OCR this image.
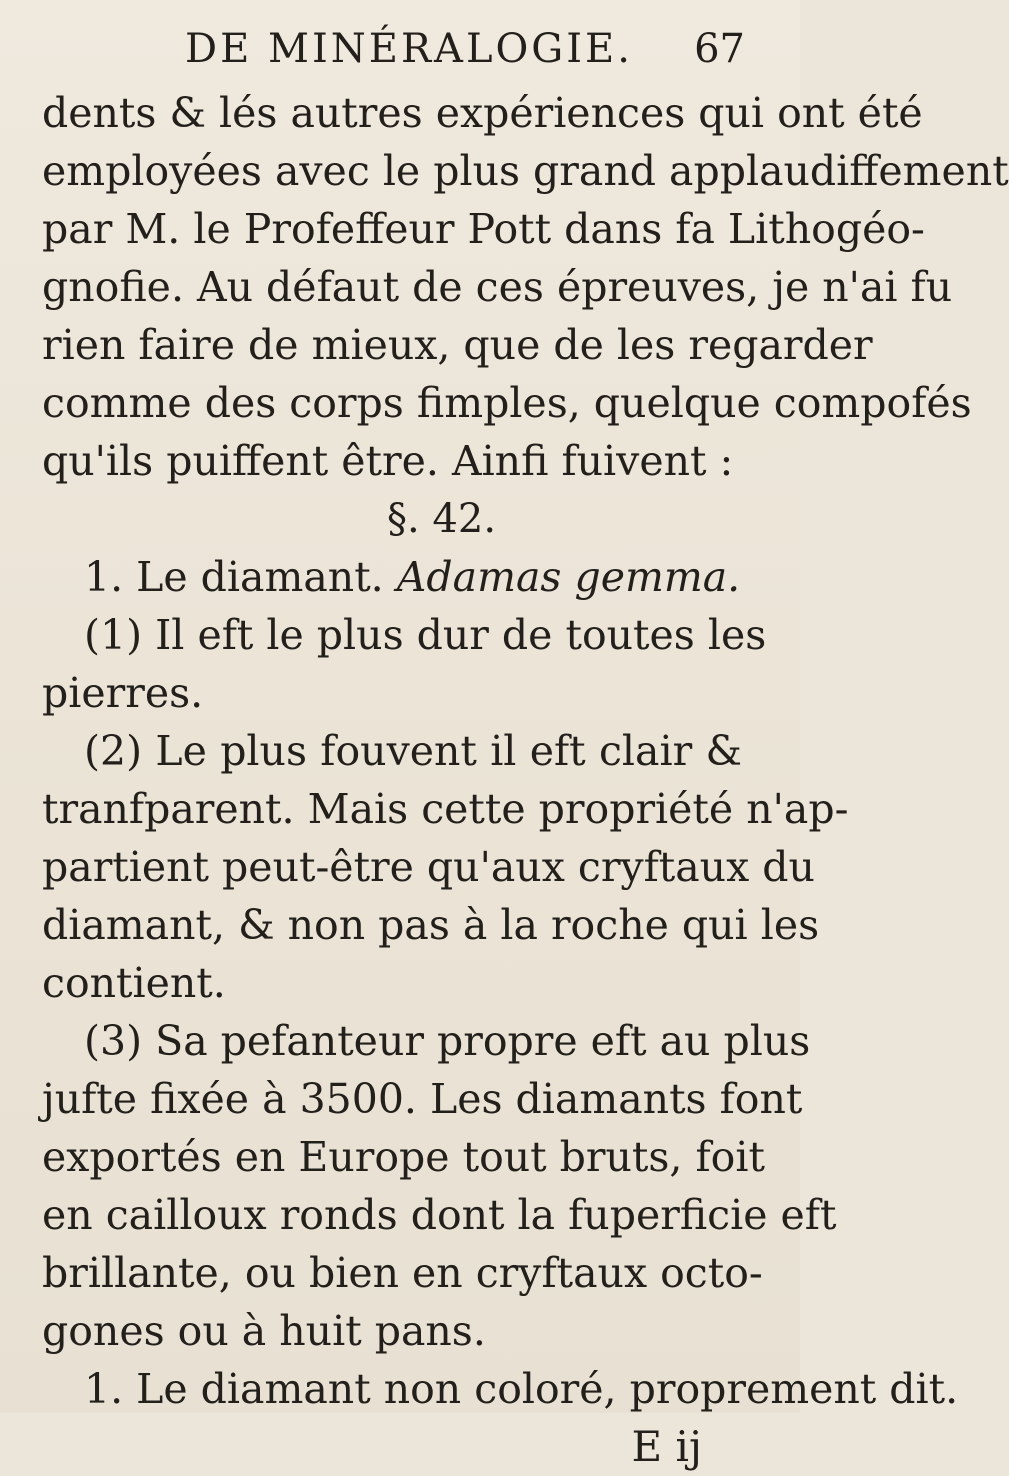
DE MINÉRALOGIE. 67
dents & lés autres expériences qui ont été
employées avec le plus grand applaudiffement
par M. le Profeffeur Pott dans fa Lithogéo-
gnofie. Au défaut de ces épreuves, je n'ai fu
rien faire de mieux, que de les regarder
comme des corps fimples, quelque compofés
qu'ils puiffent être. Ainfi fuivent :
§. 42.
1. Le diamant. Adamas gemma.
(1) Il eft le plus dur de toutes les
pierres.
(2) Le plus fouvent il eft clair &
tranfparent. Mais cette propriété n'ap-
partient peut-être qu'aux cryftaux du
diamant, & non pas à la roche qui les
contient.
(3) Sa pefanteur propre eft au plus
jufte fixée à 3500. Les diamants font
exportés en Europe tout bruts, foit
en cailloux ronds dont la fuperficie eft
brillante, ou bien en cryftaux octo-
gones ou à huit pans.
1. Le diamant non coloré, proprement dit.
E ij
